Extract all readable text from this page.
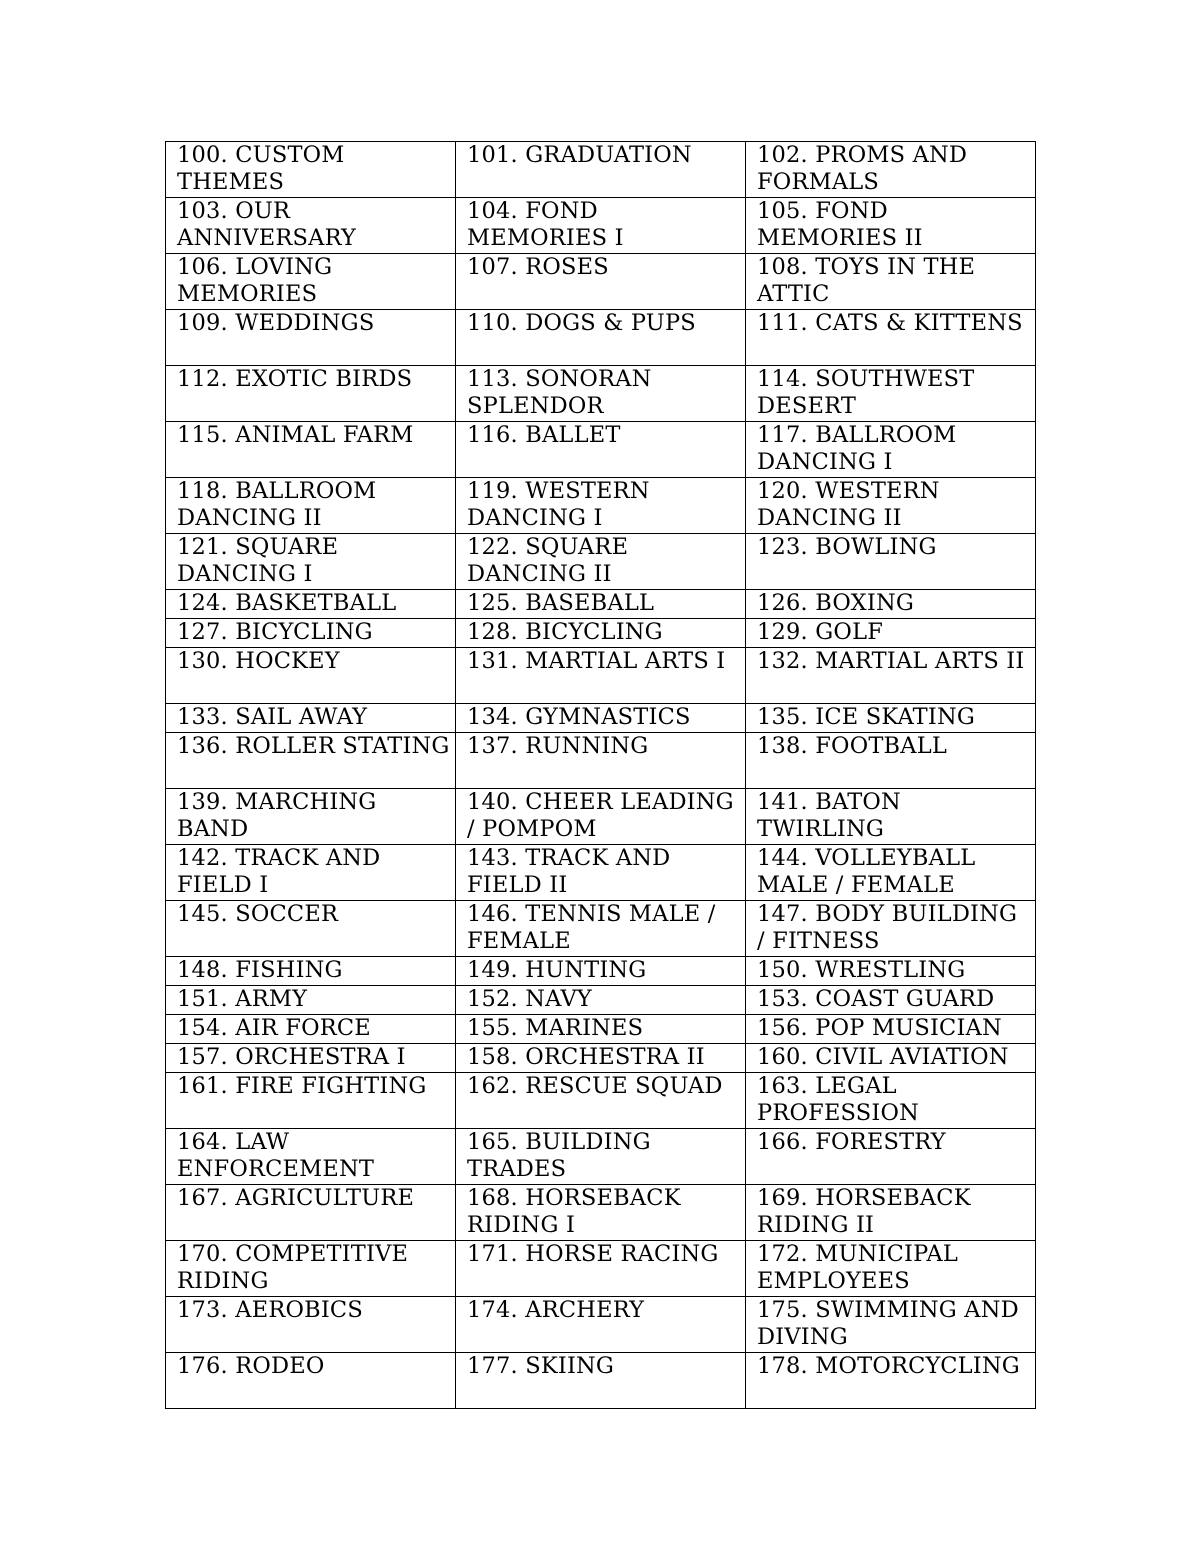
100. CUSTOM THEMES	101. GRADUATION	102. PROMS AND FORMALS
103. OUR ANNIVERSARY	104. FOND MEMORIES I	105. FOND MEMORIES II
106. LOVING MEMORIES	107. ROSES	108. TOYS IN THE ATTIC
109. WEDDINGS	110. DOGS & PUPS	111. CATS & KITTENS
112. EXOTIC BIRDS	113. SONORAN SPLENDOR	114. SOUTHWEST DESERT
115. ANIMAL FARM	116. BALLET	117. BALLROOM DANCING I
118. BALLROOM DANCING II	119. WESTERN DANCING I	120. WESTERN DANCING II
121. SQUARE DANCING I	122. SQUARE DANCING II	123. BOWLING
124. BASKETBALL	125. BASEBALL	126. BOXING
127. BICYCLING	128. BICYCLING	129. GOLF
130. HOCKEY	131. MARTIAL ARTS I	132. MARTIAL ARTS II
133. SAIL AWAY	134. GYMNASTICS	135. ICE SKATING
136. ROLLER STATING	137. RUNNING	138. FOOTBALL
139. MARCHING BAND	140. CHEER LEADING / POMPOM	141. BATON TWIRLING
142. TRACK AND FIELD I	143. TRACK AND FIELD II	144. VOLLEYBALL MALE / FEMALE
145. SOCCER	146. TENNIS MALE / FEMALE	147. BODY BUILDING / FITNESS
148. FISHING	149. HUNTING	150. WRESTLING
151. ARMY	152. NAVY	153. COAST GUARD
154. AIR FORCE	155. MARINES	156. POP MUSICIAN
157. ORCHESTRA I	158. ORCHESTRA II	160. CIVIL AVIATION
161. FIRE FIGHTING	162. RESCUE SQUAD	163. LEGAL PROFESSION
164. LAW ENFORCEMENT	165. BUILDING TRADES	166. FORESTRY
167. AGRICULTURE	168. HORSEBACK RIDING I	169. HORSEBACK RIDING II
170. COMPETITIVE RIDING	171. HORSE RACING	172. MUNICIPAL EMPLOYEES
173. AEROBICS	174. ARCHERY	175. SWIMMING AND DIVING
176. RODEO	177. SKIING	178. MOTORCYCLING
